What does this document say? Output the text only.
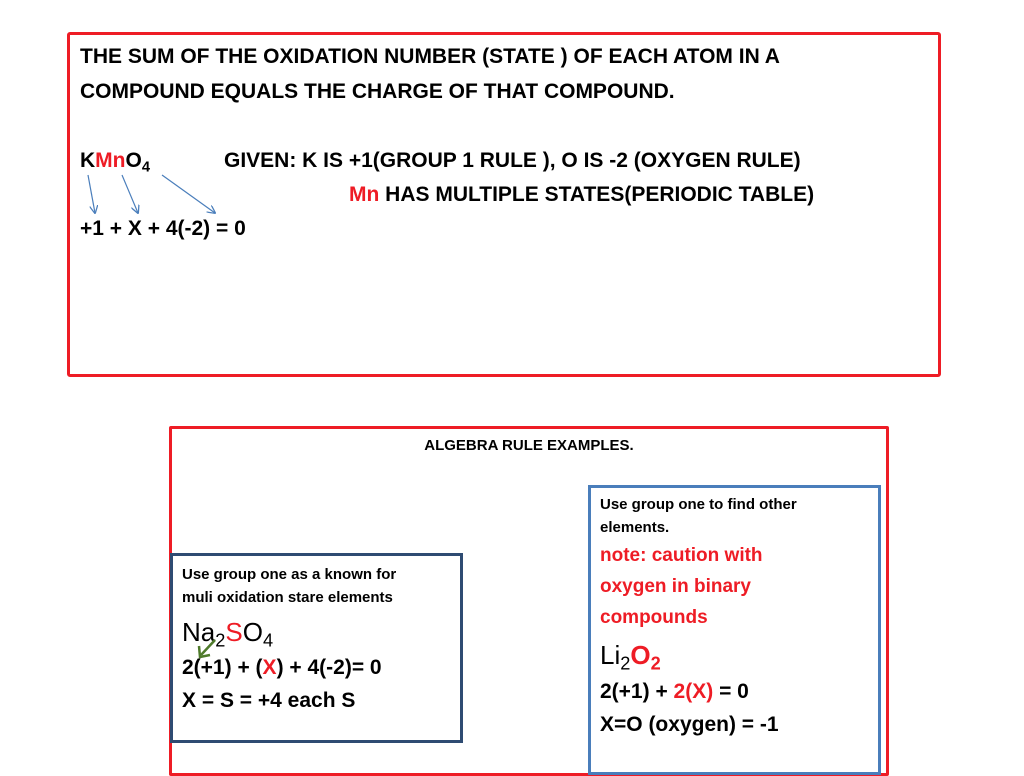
THE SUM OF THE OXIDATION NUMBER (STATE ) OF EACH ATOM IN A
COMPOUND EQUALS THE CHARGE OF THAT COMPOUND.
KMnO$_4$	GIVEN: K IS +1(GROUP 1 RULE ), O IS -2 (OXYGEN RULE)
Mn HAS MULTIPLE STATES(PERIODIC TABLE)
+1 + X + 4(-2) = 0
ALGEBRA RULE EXAMPLES.
Use group one as a known for
muli oxidation stare elements
$Na_2SO_4$
2(+1) + (X) + 4(-2)= 0
X = S = +4 each S
Use group one to find other
elements.
note: caution with
oxygen in binary
compounds
$Li_2O_2$
2(+1) + 2(X) = 0
X=O (oxygen) = -1
